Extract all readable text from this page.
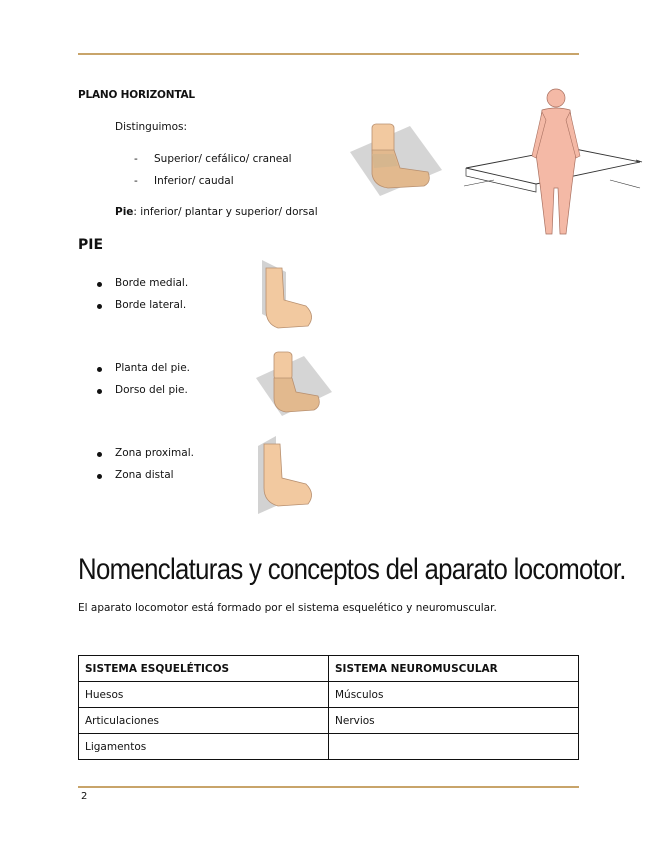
PLANO HORIZONTAL
Distinguimos:
- Superior/ cefálico/ craneal
- Inferior/ caudal
Pie: inferior/ plantar y superior/ dorsal
PIE
Borde medial.
Borde lateral.
Planta del pie.
Dorso del pie.
Zona proximal.
Zona distal
Nomenclaturas y conceptos del aparato locomotor.
El aparato locomotor está formado por el sistema esquelético y neuromuscular.
SISTEMA ESQUELÉTICOS	SISTEMA NEUROMUSCULAR
Huesos	Músculos
Articulaciones	Nervios
Ligamentos	
2
